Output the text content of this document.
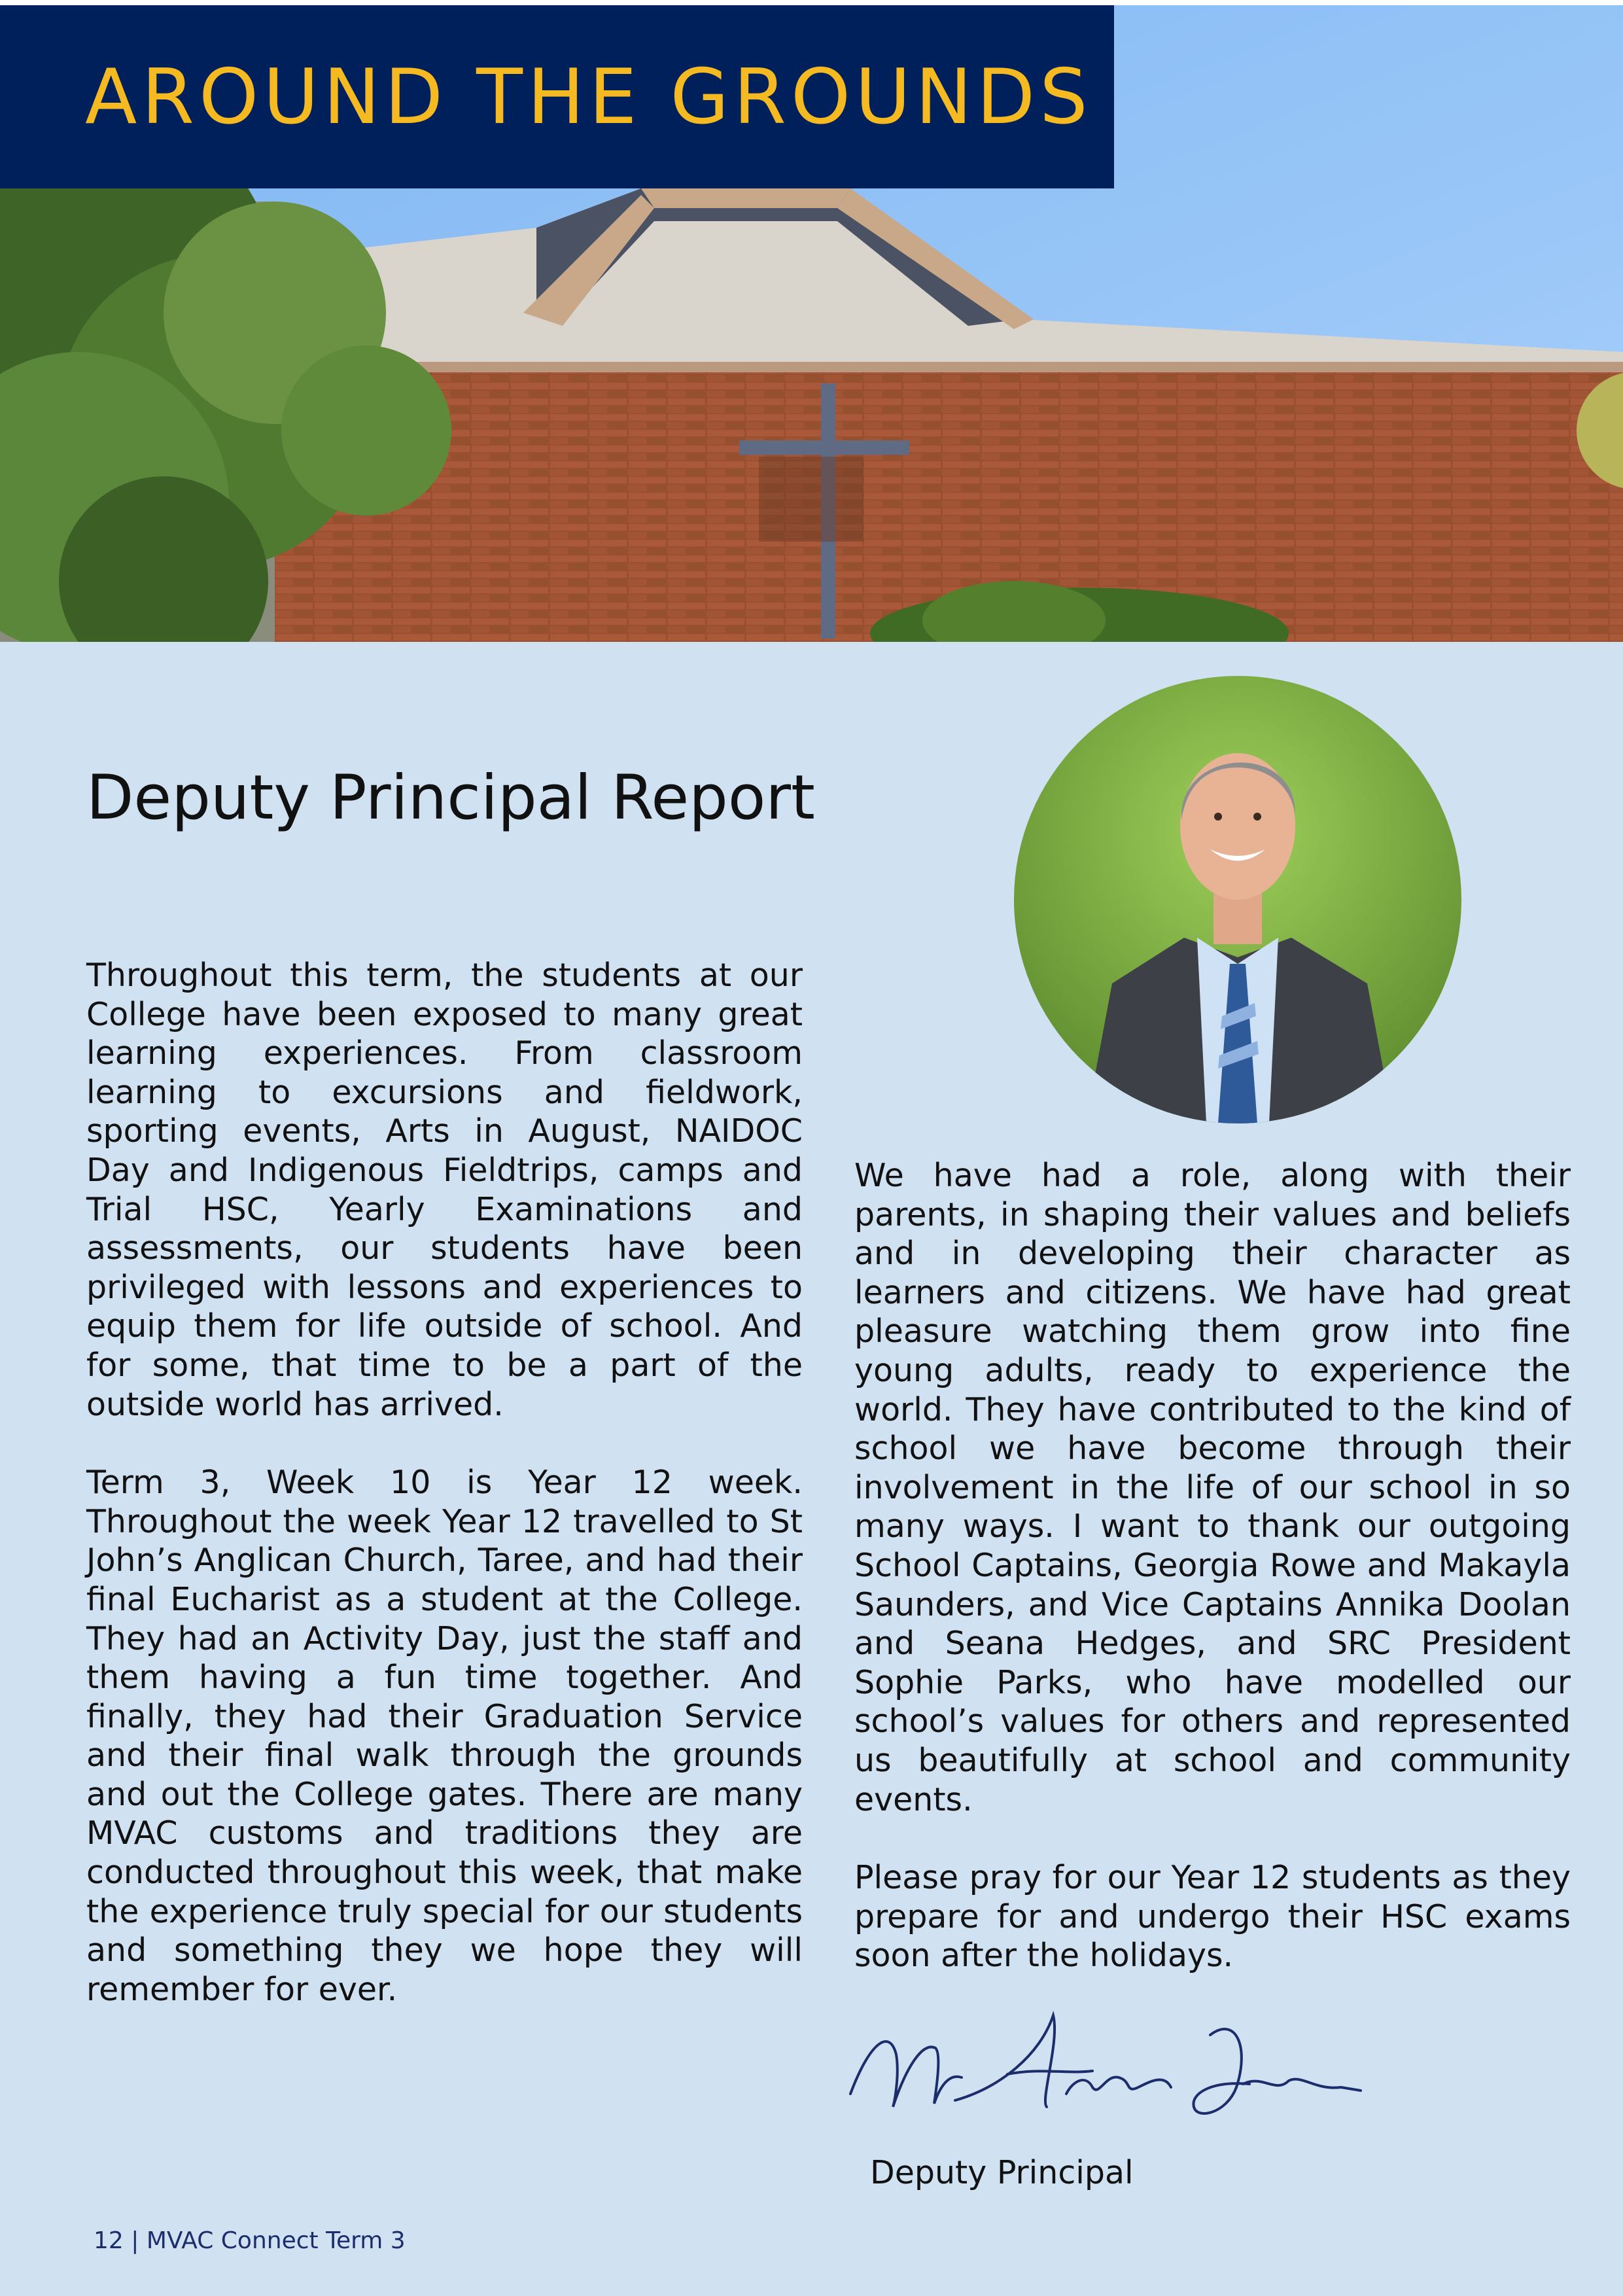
AROUND THE GROUNDS
Deputy Principal Report

Throughout this term, the students at our College have been exposed to many great learning experiences. From classroom learning to excursions and fieldwork, sporting events, Arts in August, NAIDOC Day and Indigenous Fieldtrips, camps and Trial HSC, Yearly Examinations and assessments, our students have been privileged with lessons and experiences to equip them for life outside of school. And for some, that time to be a part of the outside world has arrived.

Term 3, Week 10 is Year 12 week. Throughout the week Year 12 travelled to St John’s Anglican Church, Taree, and had their final Eucharist as a student at the College. They had an Activity Day, just the staff and them having a fun time together. And finally, they had their Graduation Service and their final walk through the grounds and out the College gates. There are many MVAC customs and traditions they are conducted throughout this week, that make the experience truly special for our students and something they we hope they will remember for ever.

We have had a role, along with their parents, in shaping their values and beliefs and in developing their character as learners and citizens. We have had great pleasure watching them grow into fine young adults, ready to experience the world. They have contributed to the kind of school we have become through their involvement in the life of our school in so many ways. I want to thank our outgoing School Captains, Georgia Rowe and Makayla Saunders, and Vice Captains Annika Doolan and Seana Hedges, and SRC President Sophie Parks, who have modelled our school’s values for others and represented us beautifully at school and community events.

Please pray for our Year 12 students as they prepare for and undergo their HSC exams soon after the holidays.

Deputy Principal
12 | MVAC Connect Term 3
